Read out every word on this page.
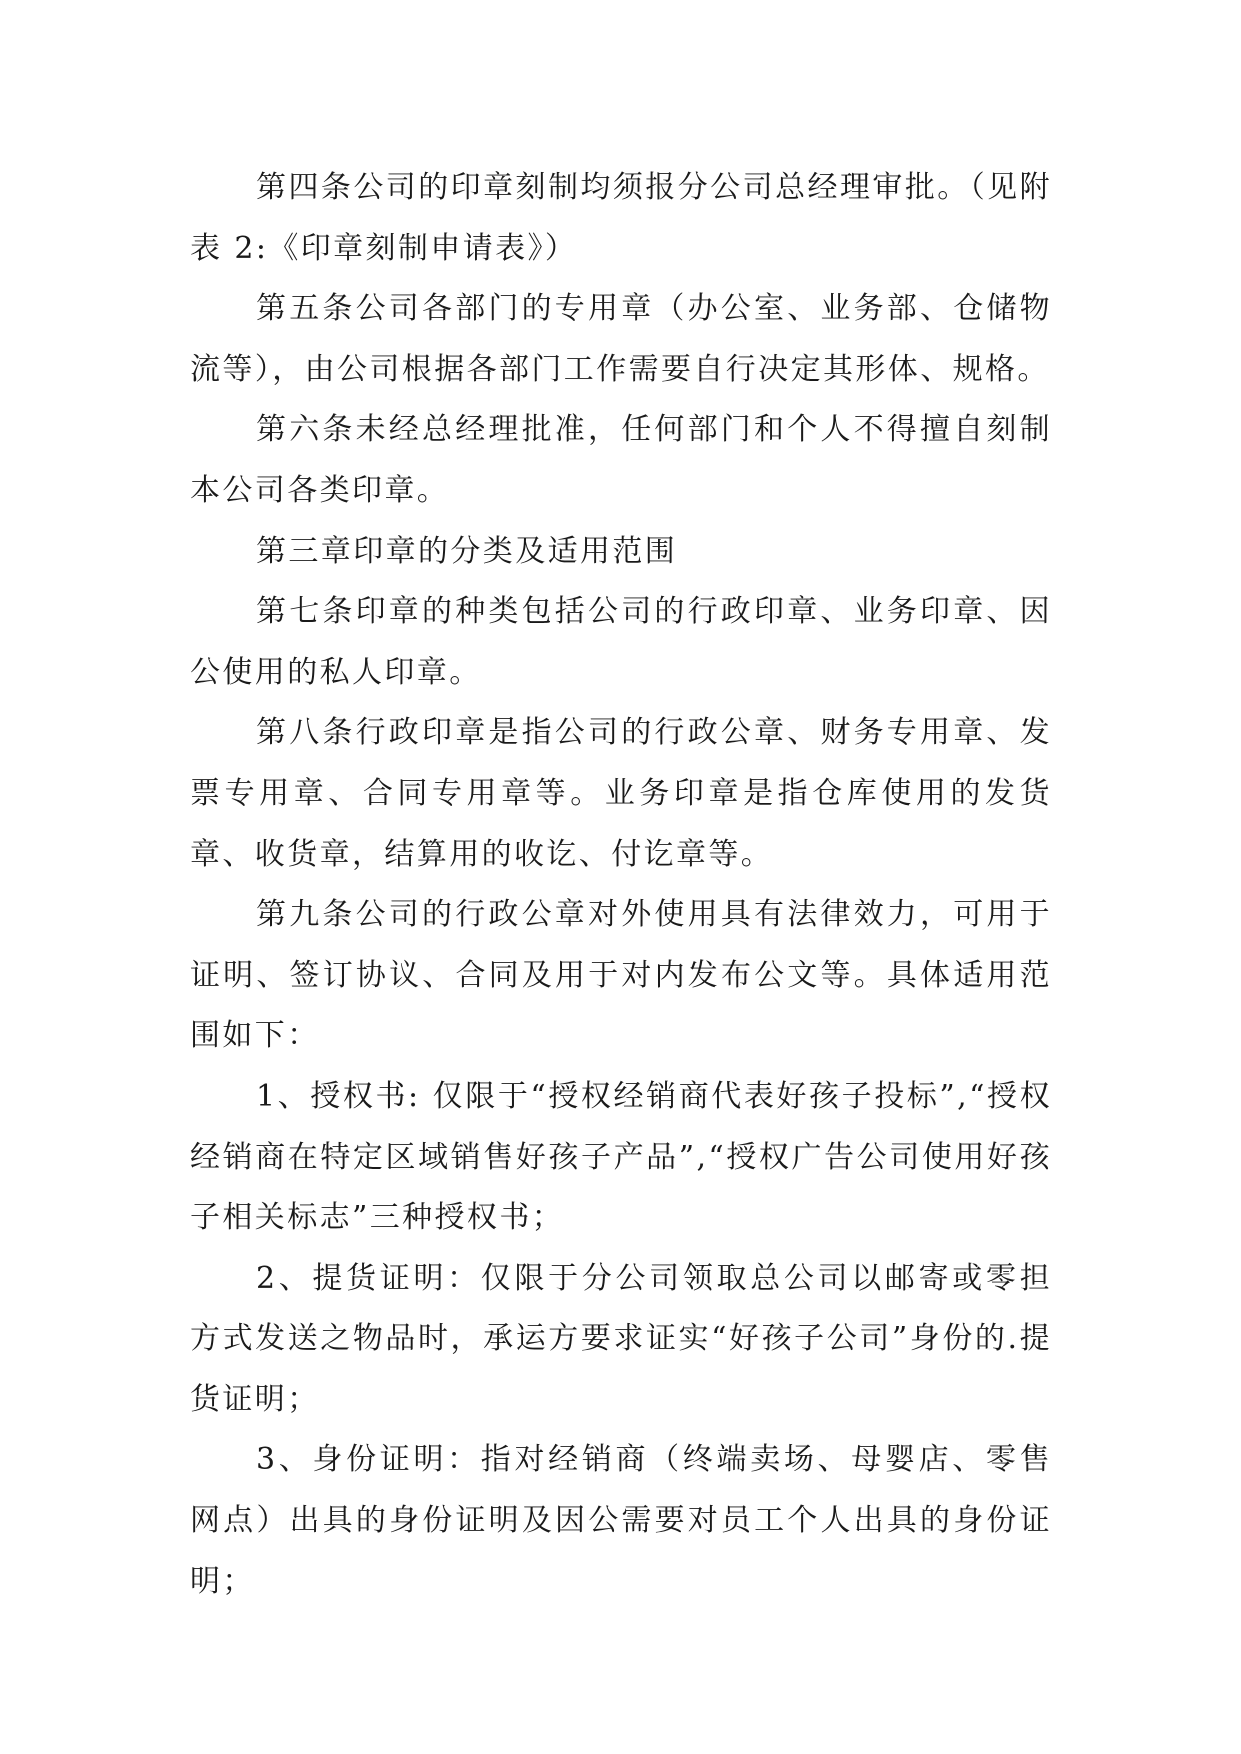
第四条公司的印章刻制均须报分公司总经理审批。（见附表 2:《印章刻制申请表》）

第五条公司各部门的专用章（办公室、业务部、仓储物流等），由公司根据各部门工作需要自行决定其形体、规格。

第六条未经总经理批准，任何部门和个人不得擅自刻制本公司各类印章。

第三章印章的分类及适用范围

第七条印章的种类包括公司的行政印章、业务印章、因公使用的私人印章。

第八条行政印章是指公司的行政公章、财务专用章、发票专用章、合同专用章等。业务印章是指仓库使用的发货章、收货章，结算用的收讫、付讫章等。

第九条公司的行政公章对外使用具有法律效力，可用于证明、签订协议、合同及用于对内发布公文等。具体适用范围如下：

1、授权书: 仅限于“授权经销商代表好孩子投标”,“授权经销商在特定区域销售好孩子产品”,“授权广告公司使用好孩子相关标志”三种授权书；

2、提货证明：仅限于分公司领取总公司以邮寄或零担方式发送之物品时，承运方要求证实“好孩子公司”身份的.提货证明；

3、身份证明：指对经销商（终端卖场、母婴店、零售网点）出具的身份证明及因公需要对员工个人出具的身份证明；
